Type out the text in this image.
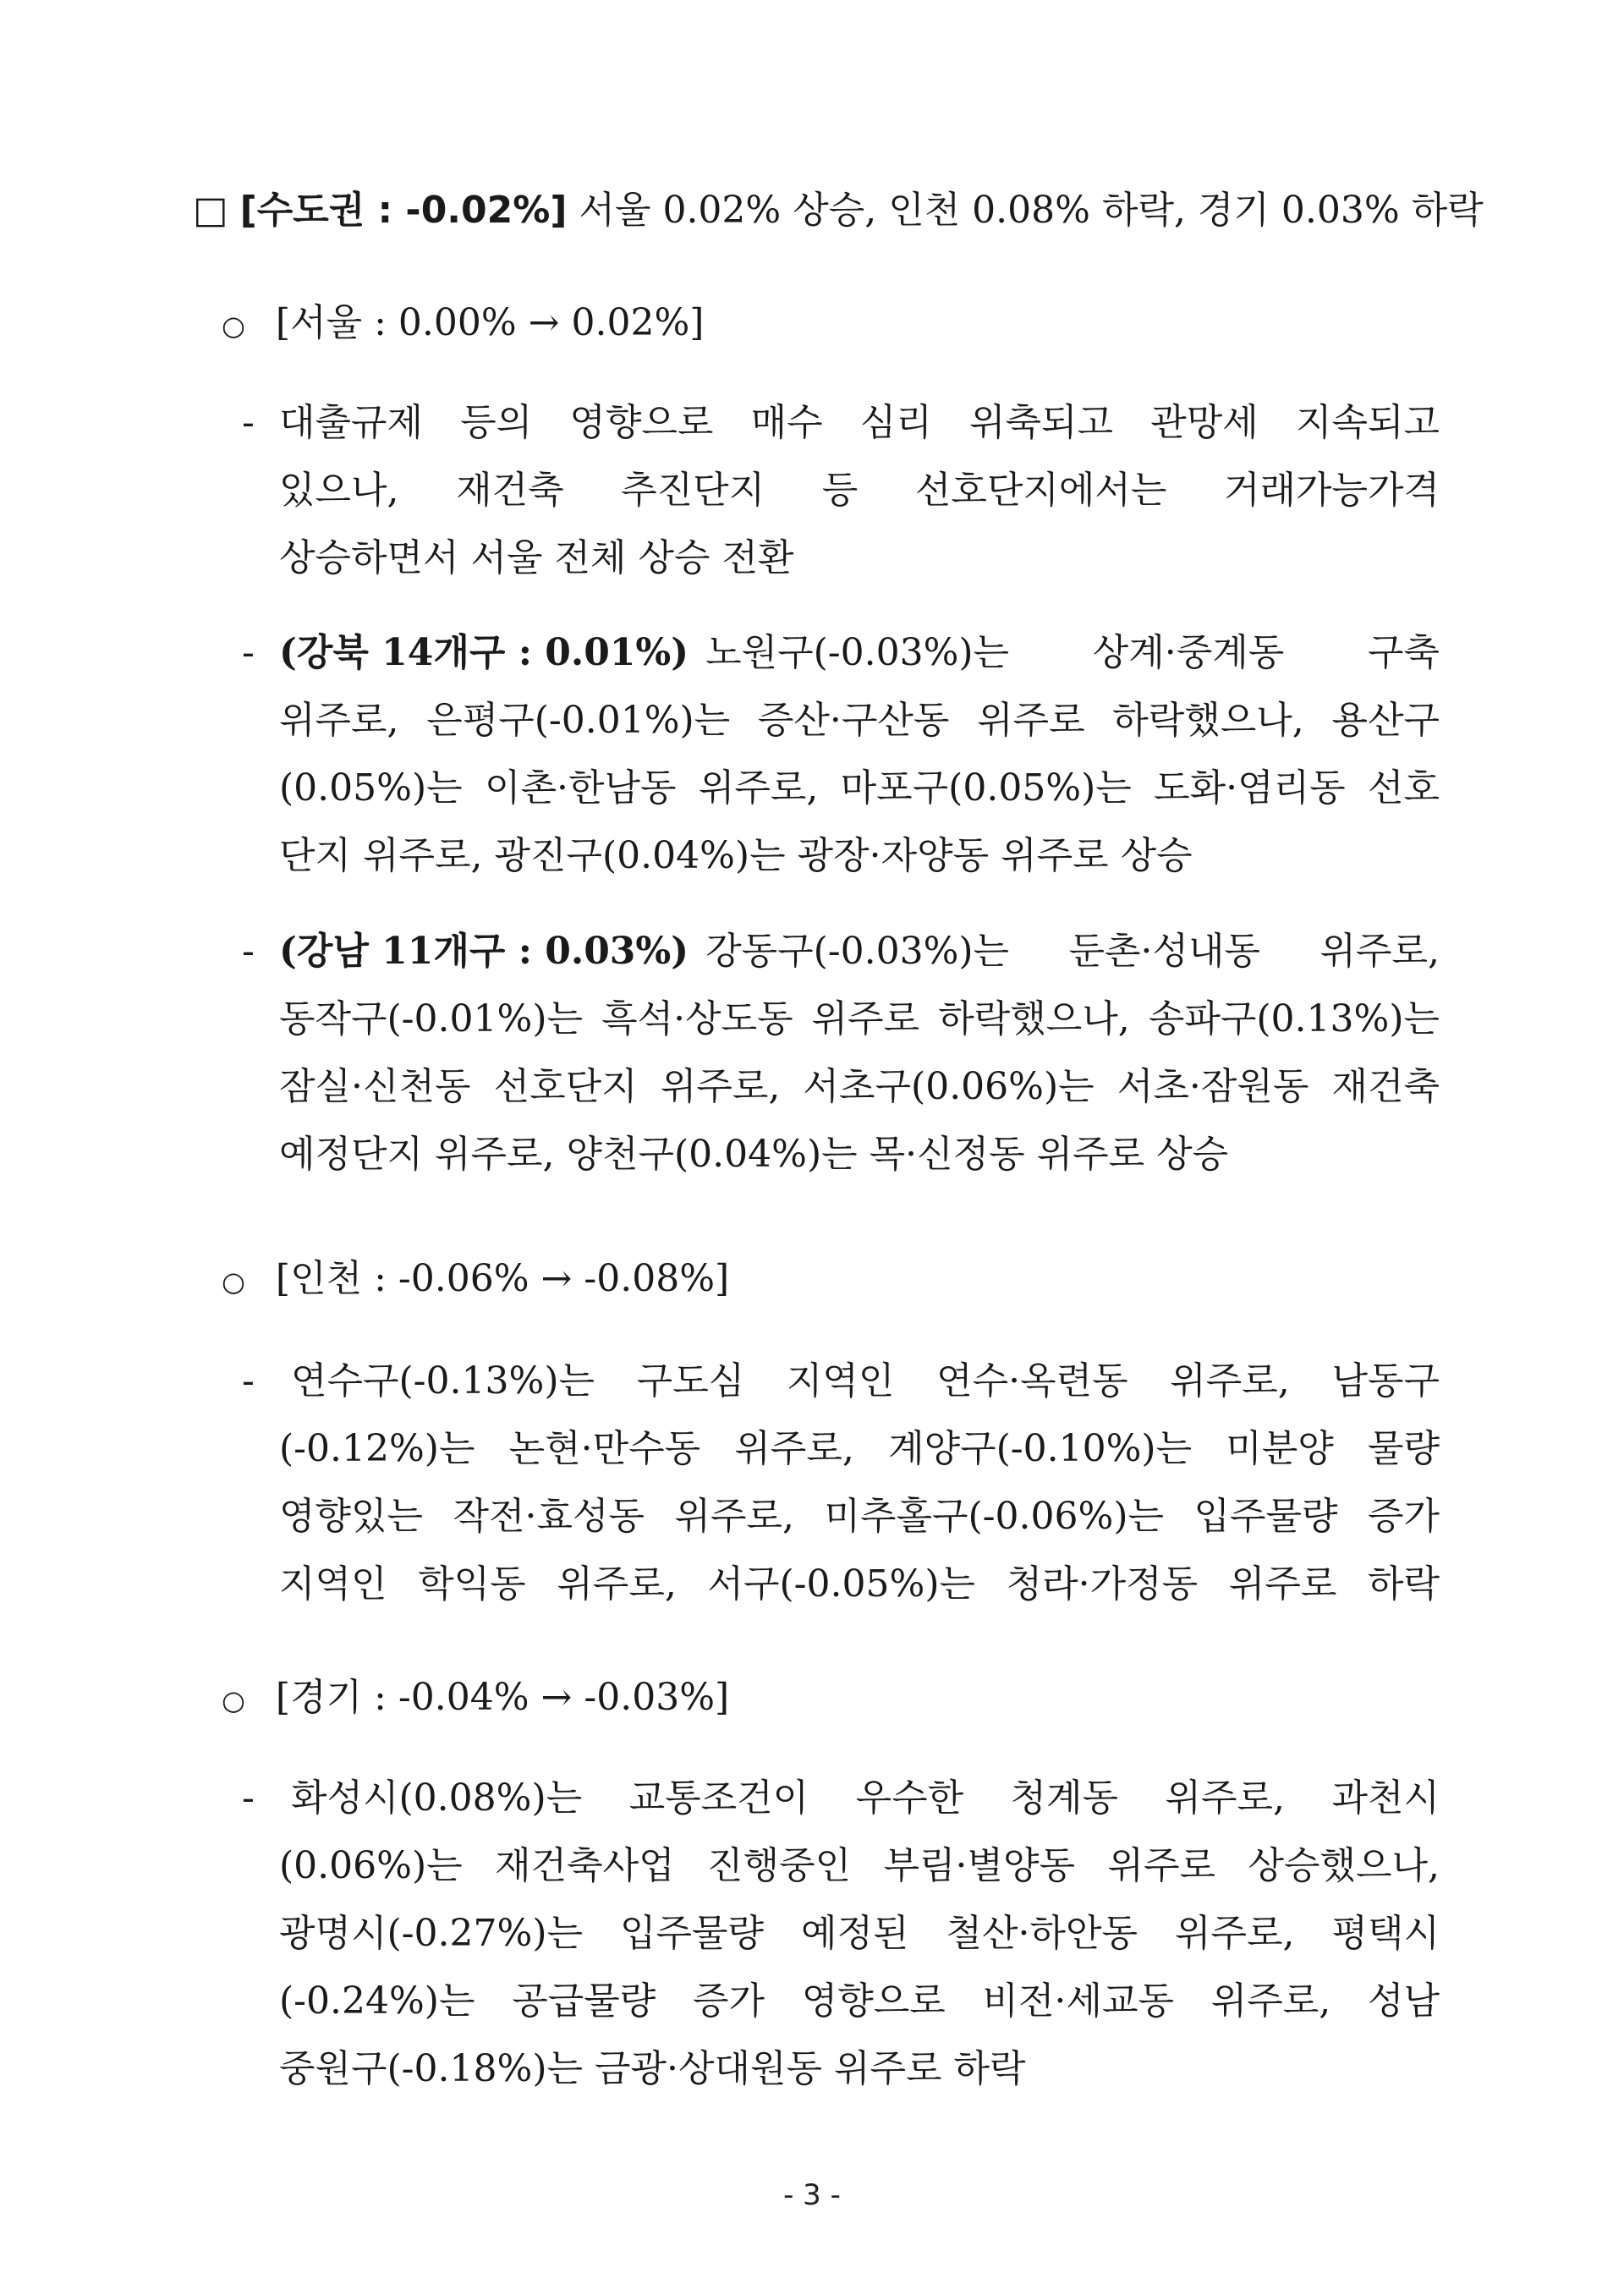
□ [수도권 : -0.02%] 서울 0.02% 상승, 인천 0.08% 하락, 경기 0.03% 하락
○ [서울 : 0.00% → 0.02%]
- 대출규제 등의 영향으로 매수 심리 위축되고 관망세 지속되고
있으나, 재건축 추진단지 등 선호단지에서는 거래가능가격
상승하면서 서울 전체 상승 전환
- (강북 14개구 : 0.01%) 노원구(-0.03%)는 상계·중계동 구축
위주로, 은평구(-0.01%)는 증산·구산동 위주로 하락했으나, 용산구
(0.05%)는 이촌·한남동 위주로, 마포구(0.05%)는 도화·염리동 선호
단지 위주로, 광진구(0.04%)는 광장·자양동 위주로 상승
- (강남 11개구 : 0.03%) 강동구(-0.03%)는 둔촌·성내동 위주로,
동작구(-0.01%)는 흑석·상도동 위주로 하락했으나, 송파구(0.13%)는
잠실·신천동 선호단지 위주로, 서초구(0.06%)는 서초·잠원동 재건축
예정단지 위주로, 양천구(0.04%)는 목·신정동 위주로 상승
○ [인천 : -0.06% → -0.08%]
- 연수구(-0.13%)는 구도심 지역인 연수·옥련동 위주로, 남동구
(-0.12%)는 논현·만수동 위주로, 계양구(-0.10%)는 미분양 물량
영향있는 작전·효성동 위주로, 미추홀구(-0.06%)는 입주물량 증가
지역인 학익동 위주로, 서구(-0.05%)는 청라·가정동 위주로 하락
○ [경기 : -0.04% → -0.03%]
- 화성시(0.08%)는 교통조건이 우수한 청계동 위주로, 과천시
(0.06%)는 재건축사업 진행중인 부림·별양동 위주로 상승했으나,
광명시(-0.27%)는 입주물량 예정된 철산·하안동 위주로, 평택시
(-0.24%)는 공급물량 증가 영향으로 비전·세교동 위주로, 성남
중원구(-0.18%)는 금광·상대원동 위주로 하락
- 3 -
